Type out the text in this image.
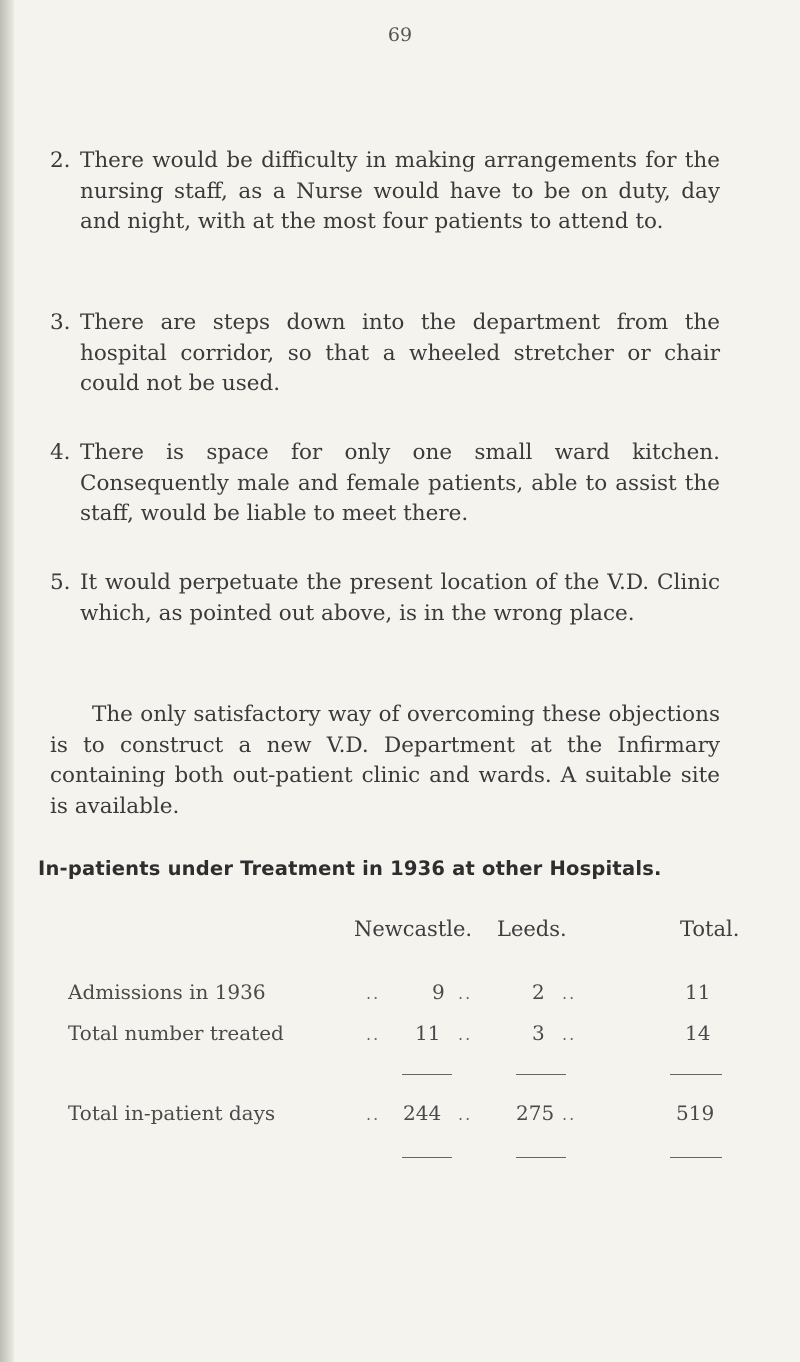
69
2. There would be difficulty in making arrangements for the nursing staff, as a Nurse would have to be on duty, day and night, with at the most four patients to attend to.
3. There are steps down into the department from the hospital corridor, so that a wheeled stretcher or chair could not be used.
4. There is space for only one small ward kitchen. Consequently male and female patients, able to assist the staff, would be liable to meet there.
5. It would perpetuate the present location of the V.D. Clinic which, as pointed out above, is in the wrong place.
The only satisfactory way of overcoming these objections is to construct a new V.D. Department at the Infirmary containing both out-patient clinic and wards. A suitable site is available.
In-patients under Treatment in 1936 at other Hospitals.
Newcastle. Leeds.	Total.
Admissions in 1936	..	9 ..	2 ..	11
Total number treated	.. 11 ..	3 ..	14
Total in-patient days	.. 244 .. 275 ..	519
